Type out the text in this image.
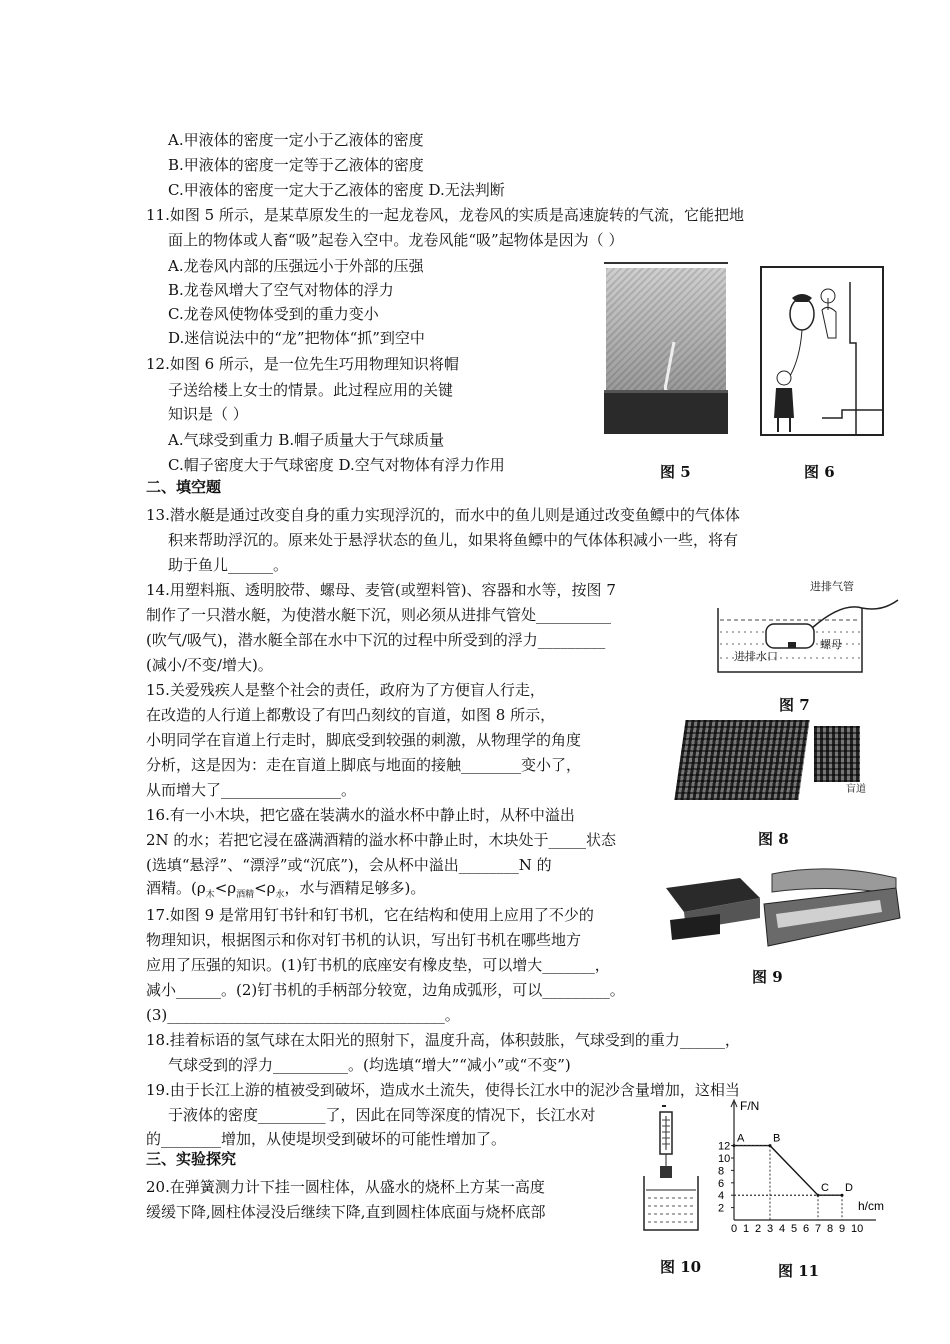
A.甲液体的密度一定小于乙液体的密度
B.甲液体的密度一定等于乙液体的密度
C.甲液体的密度一定大于乙液体的密度 D.无法判断
11.如图 5 所示，是某草原发生的一起龙卷风，龙卷风的实质是高速旋转的气流，它能把地
面上的物体或人畜“吸”起卷入空中。龙卷风能“吸”起物体是因为（ ）
A.龙卷风内部的压强远小于外部的压强
B.龙卷风增大了空气对物体的浮力
C.龙卷风使物体受到的重力变小
D.迷信说法中的“龙”把物体“抓”到空中
12.如图 6 所示，是一位先生巧用物理知识将帽
子送给楼上女士的情景。此过程应用的关键
知识是（ ）
A.气球受到重力 B.帽子质量大于气球质量
C.帽子密度大于气球密度 D.空气对物体有浮力作用
13.潜水艇是通过改变自身的重力实现浮沉的，而水中的鱼儿则是通过改变鱼鳔中的气体体
积来帮助浮沉的。原来处于悬浮状态的鱼儿，如果将鱼鳔中的气体体积减小一些，将有
助于鱼儿______。
14.用塑料瓶、透明胶带、螺母、麦管(或塑料管)、容器和水等，按图 7
制作了一只潜水艇，为使潜水艇下沉，则必须从进排气管处__________
(吹气/吸气)，潜水艇全部在水中下沉的过程中所受到的浮力_________
(减小/不变/增大)。
15.关爱残疾人是整个社会的责任，政府为了方便盲人行走，
在改造的人行道上都敷设了有凹凸刻纹的盲道，如图 8 所示，
小明同学在盲道上行走时，脚底受到较强的刺激，从物理学的角度
分析，这是因为：走在盲道上脚底与地面的接触________变小了，
从而增大了________________。
16.有一小木块，把它盛在装满水的溢水杯中静止时，从杯中溢出
2N 的水；若把它浸在盛满酒精的溢水杯中静止时，木块处于_____状态
(选填“悬浮”、“漂浮”或“沉底”)，会从杯中溢出________N 的
17.如图 9 是常用钉书针和钉书机，它在结构和使用上应用了不少的
物理知识，根据图示和你对钉书机的认识，写出钉书机在哪些地方
应用了压强的知识。(1)钉书机的底座安有橡皮垫，可以增大_______，
减小______。(2)钉书机的手柄部分较宽，边角成弧形，可以_________。
(3)_____________________________________。
18.挂着标语的氢气球在太阳光的照射下，温度升高，体积鼓胀，气球受到的重力______，
气球受到的浮力__________。(均选填“增大”“减小”或“不变”)
19.由于长江上游的植被受到破坏，造成水土流失，使得长江水中的泥沙含量增加，这相当
于液体的密度_________了，因此在同等深度的情况下，长江水对
的________增加，从使堤坝受到破坏的可能性增加了。
20.在弹簧测力计下挂一圆柱体，从盛水的烧杯上方某一高度
缓缓下降,圆柱体浸没后继续下降,直到圆柱体底面与烧杯底部
二、填空题
三、实验探究
酒精。($\rho_木<\rho_{酒精}<\rho_水$，水与酒精足够多)。
图 5	图 6
进排气管
螺母
进排水口
图 7
盲道
图 8
图 9
图 10
F/N
h/cm
0 1 2 3 4 5 6 7 8 9 10
2
4
6
8
10
12
A	B
C D
图 11
